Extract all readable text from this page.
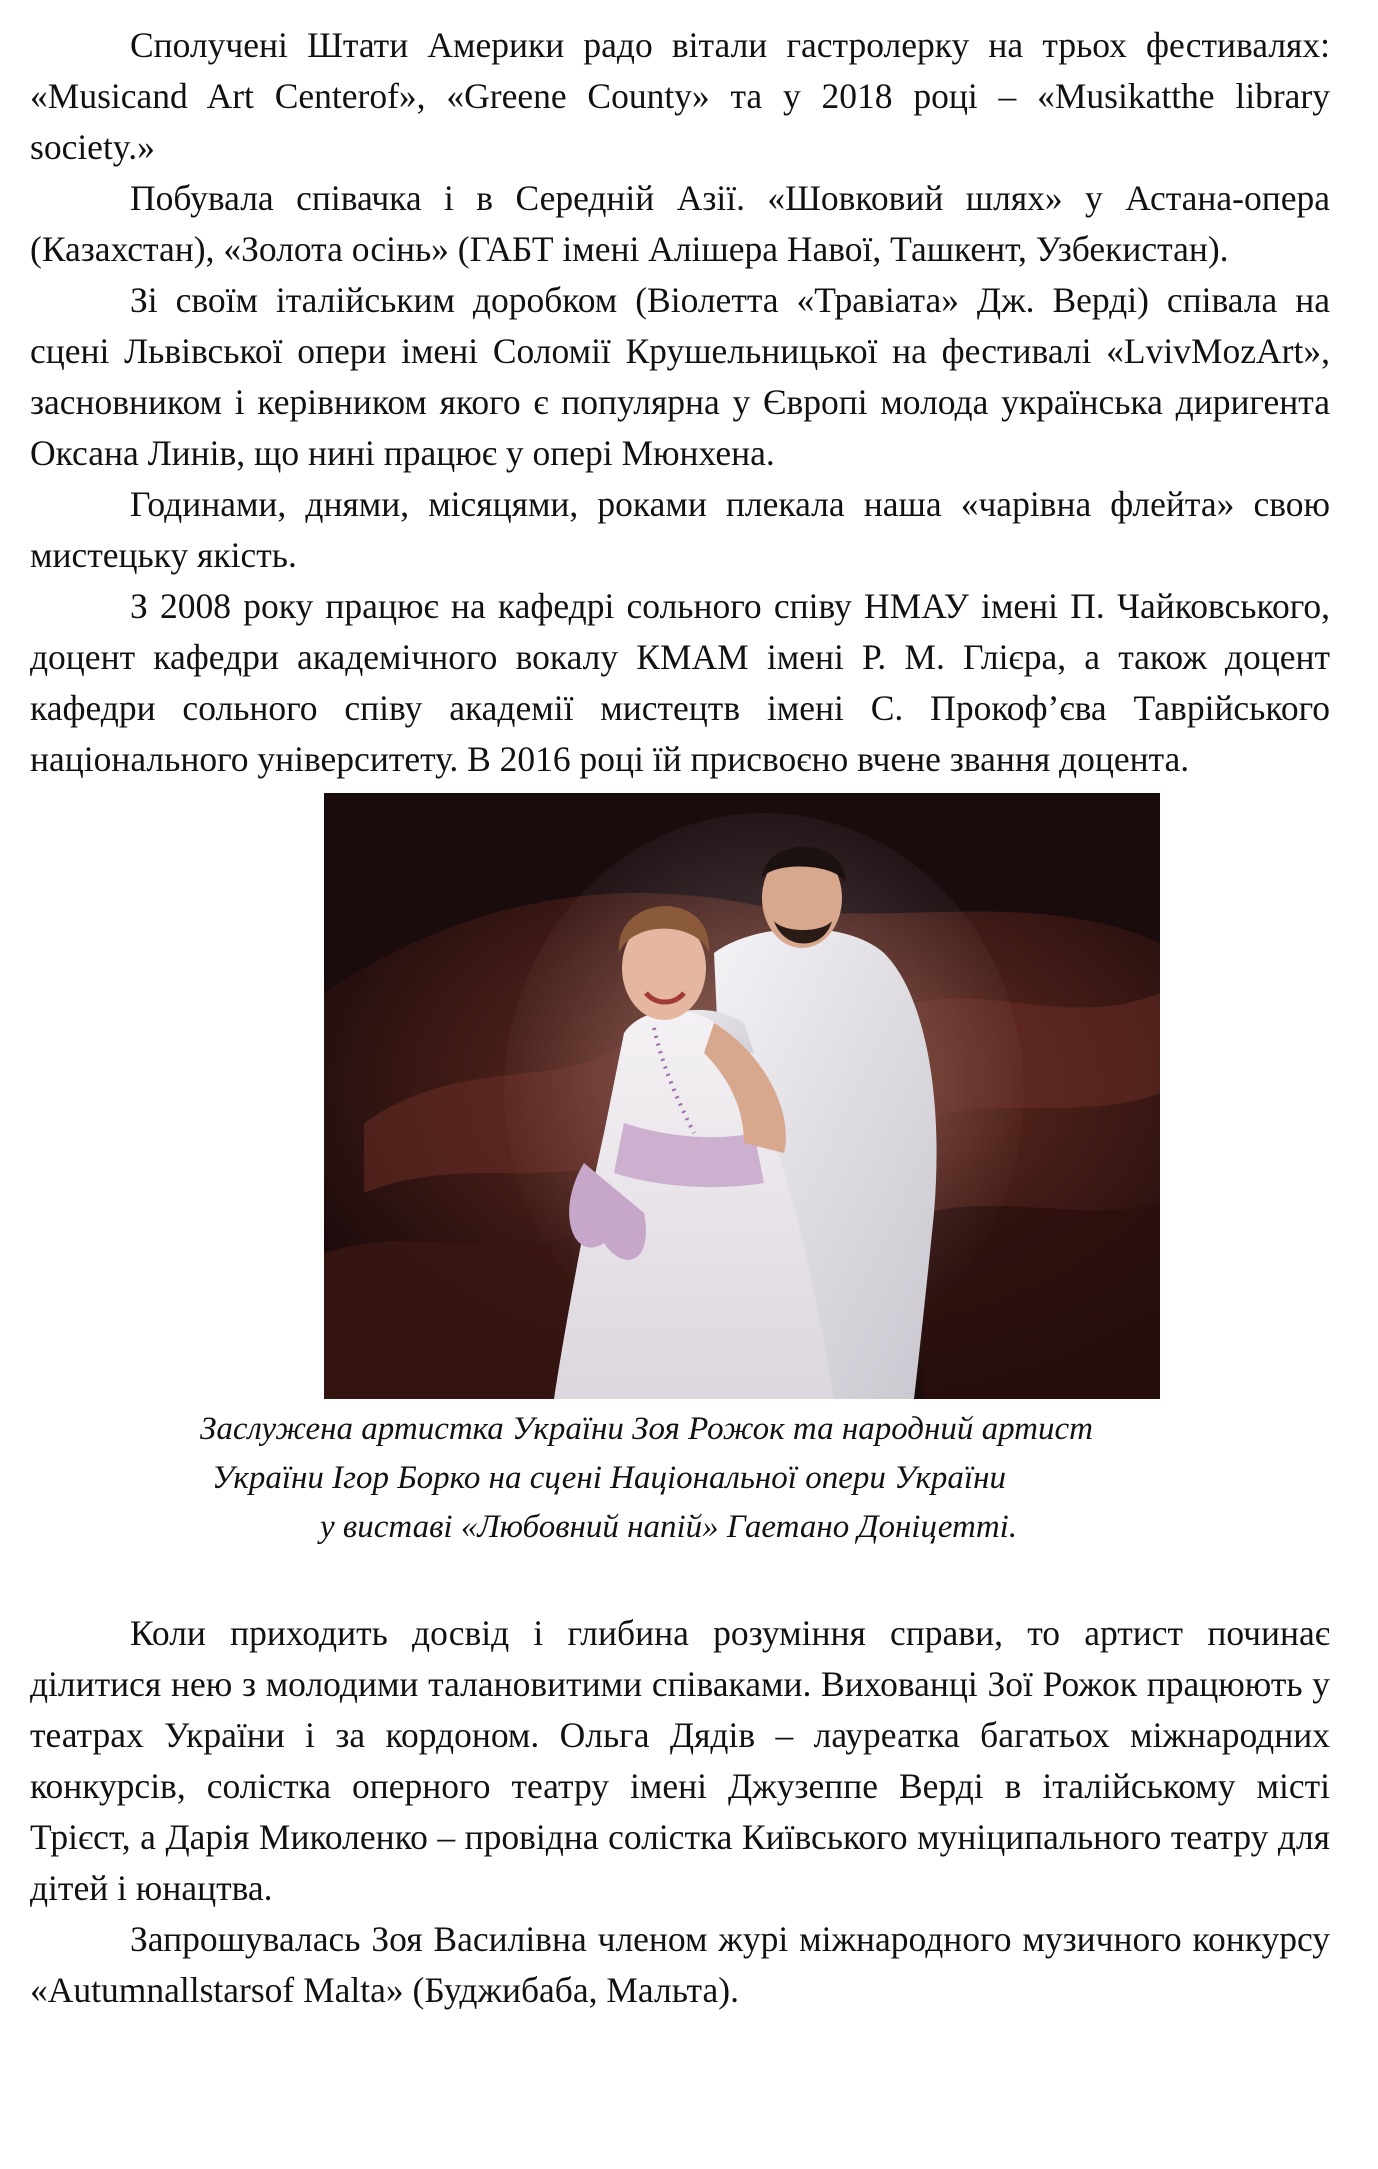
Сполучені Штати Америки радо вітали гастролерку на трьох фестивалях: «Musicand Art Centerof», «Greene County» та у 2018 році – «Musikatthe library society.»

Побувала співачка і в Середній Азії. «Шовковий шлях» у Астана-опера (Казахстан), «Золота осінь» (ГАБТ імені Алішера Навої, Ташкент, Узбекистан).

Зі своїм італійським доробком (Віолетта «Травіата» Дж. Верді) співала на сцені Львівської опери імені Соломії Крушельницької на фестивалі «LvivMozArt», засновником і керівником якого є популярна у Європі молода українська диригента Оксана Линів, що нині працює у опері Мюнхена.

Годинами, днями, місяцями, роками плекала наша «чарівна флейта» свою мистецьку якість.

З 2008 року працює на кафедрі сольного співу НМАУ імені П. Чайковського, доцент кафедри академічного вокалу КМАМ імені Р. М. Глієра, а також доцент кафедри сольного співу академії мистецтв імені С. Прокоф’єва Таврійського національного університету. В 2016 році їй присвоєно вчене звання доцента.

Заслужена артистка України Зоя Рожок та народний артист
України Ігор Борко на сцені Національної опери України
у виставі «Любовний напій» Гаетано Доніцетті.

Коли приходить досвід і глибина розуміння справи, то артист починає ділитися нею з молодими талановитими співаками. Вихованці Зої Рожок працюють у театрах України і за кордоном. Ольга Дядів – лауреатка багатьох міжнародних конкурсів, солістка оперного театру імені Джузеппе Верді в італійському місті Трієст, а Дарія Миколенко – провідна солістка Київського муніципального театру для дітей і юнацтва.

Запрошувалась Зоя Василівна членом журі міжнародного музичного конкурсу «Autumnallstarsof Malta» (Буджибаба, Мальта).
